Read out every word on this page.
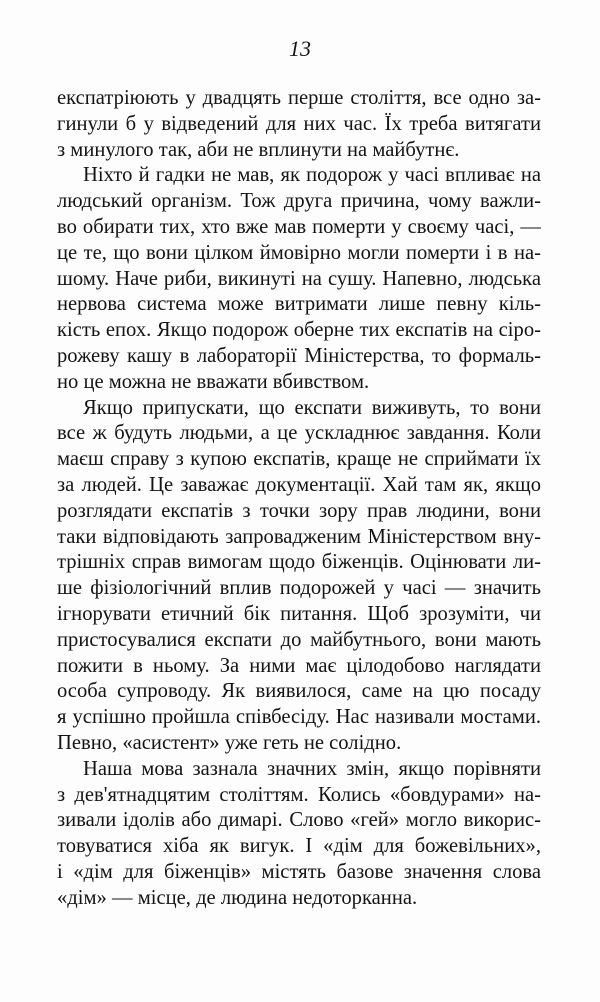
13
експатріюють у двадцять перше століття, все одно за-
гинули б у відведений для них час. Їх треба витягати
з минулого так, аби не вплинути на майбутнє.
Ніхто й гадки не мав, як подорож у часі впливає на
людський організм. Тож друга причина, чому важли-
во обирати тих, хто вже мав померти у своєму часі, —
це те, що вони цілком ймовірно могли померти і в на-
шому. Наче риби, викинуті на сушу. Напевно, людська
нервова система може витримати лише певну кіль-
кість епох. Якщо подорож оберне тих експатів на сіро-
рожеву кашу в лабораторії Міністерства, то формаль-
но це можна не вважати вбивством.
Якщо припускати, що експати виживуть, то вони
все ж будуть людьми, а це ускладнює завдання. Коли
маєш справу з купою експатів, краще не сприймати їх
за людей. Це заважає документації. Хай там як, якщо
розглядати експатів з точки зору прав людини, вони
таки відповідають запровадженим Міністерством вну-
трішніх справ вимогам щодо біженців. Оцінювати ли-
ше фізіологічний вплив подорожей у часі — значить
ігнорувати етичний бік питання. Щоб зрозуміти, чи
пристосувалися експати до майбутнього, вони мають
пожити в ньому. За ними має цілодобово наглядати
особа супроводу. Як виявилося, саме на цю посаду
я успішно пройшла співбесіду. Нас називали мостами.
Певно, «асистент» уже геть не солідно.
Наша мова зазнала значних змін, якщо порівняти
з дев'ятнадцятим століттям. Колись «бовдурами» на-
зивали ідолів або димарі. Слово «гей» могло викорис-
товуватися хіба як вигук. І «дім для божевільних»,
і «дім для біженців» містять базове значення слова
«дім» — місце, де людина недоторканна.
